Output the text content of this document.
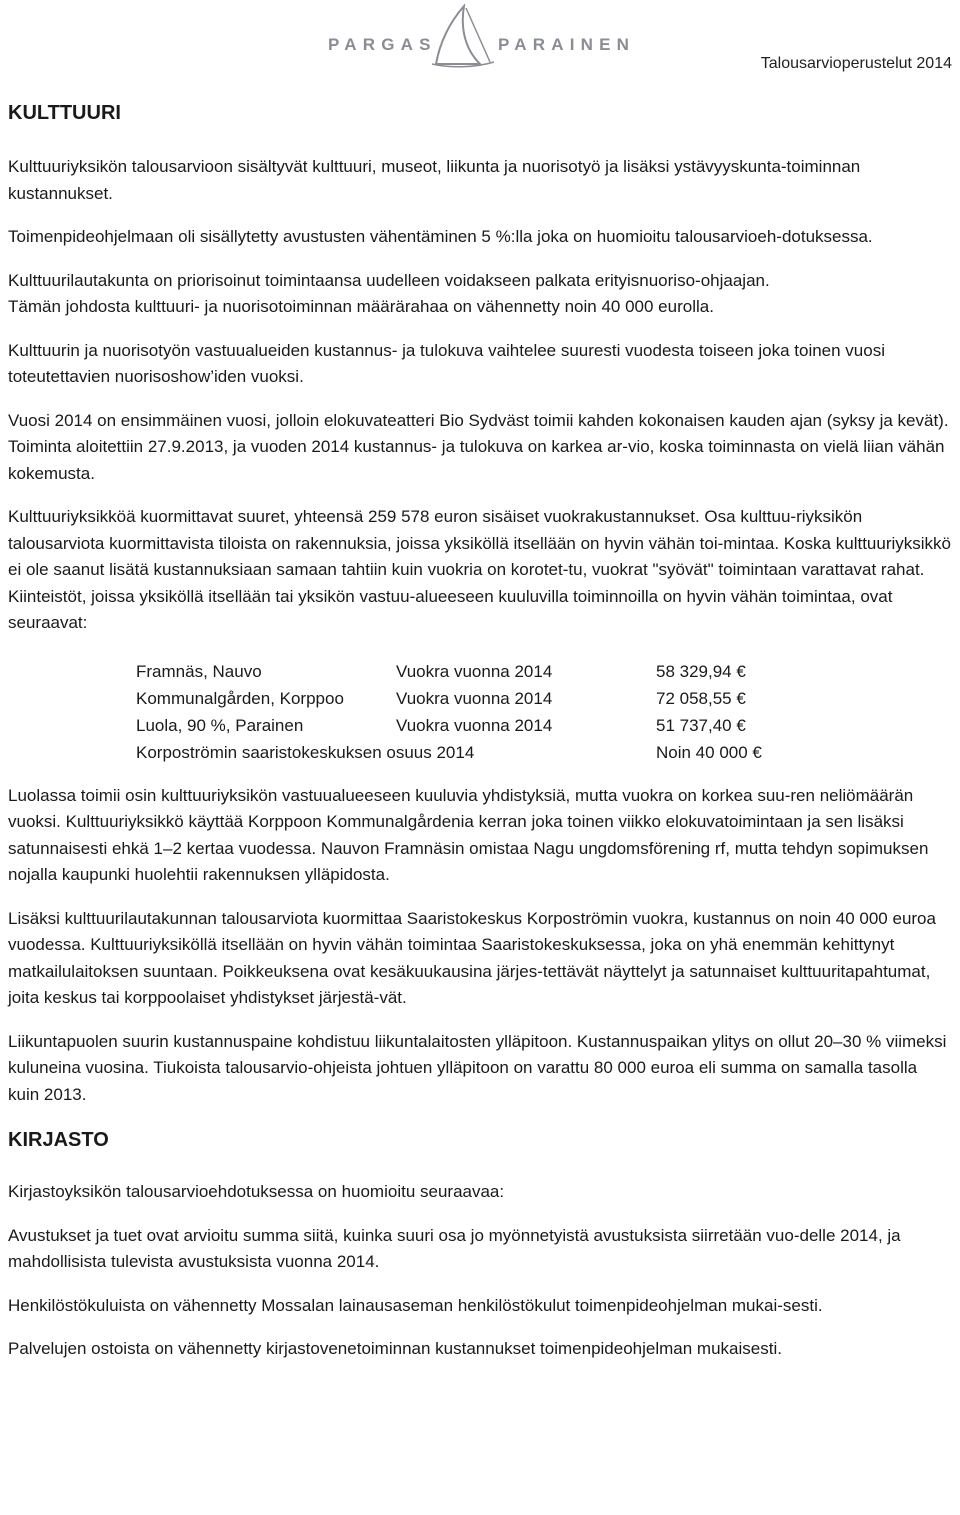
PARGAS	PARAINEN
Talousarvioperustelut 2014
KULTTUURI

Kulttuuriyksikön talousarvioon sisältyvät kulttuuri, museot, liikunta ja nuorisotyö ja lisäksi ystävyyskunta-toiminnan kustannukset.

Toimenpideohjelmaan oli sisällytetty avustusten vähentäminen 5 %:lla joka on huomioitu talousarvioeh-dotuksessa.

Kulttuurilautakunta on priorisoinut toimintaansa uudelleen voidakseen palkata erityisnuoriso-ohjaajan.

Tämän johdosta kulttuuri- ja nuorisotoiminnan määrärahaa on vähennetty noin 40 000 eurolla.

Kulttuurin ja nuorisotyön vastuualueiden kustannus- ja tulokuva vaihtelee suuresti vuodesta toiseen joka toinen vuosi toteutettavien nuorisoshow’iden vuoksi.

Vuosi 2014 on ensimmäinen vuosi, jolloin elokuvateatteri Bio Sydväst toimii kahden kokonaisen kauden ajan (syksy ja kevät). Toiminta aloitettiin 27.9.2013, ja vuoden 2014 kustannus- ja tulokuva on karkea ar-vio, koska toiminnasta on vielä liian vähän kokemusta.

Kulttuuriyksikköä kuormittavat suuret, yhteensä 259 578 euron sisäiset vuokrakustannukset. Osa kulttuu-riyksikön talousarviota kuormittavista tiloista on rakennuksia, joissa yksiköllä itsellään on hyvin vähän toi-mintaa. Koska kulttuuriyksikkö ei ole saanut lisätä kustannuksiaan samaan tahtiin kuin vuokria on korotet-tu, vuokrat "syövät" toimintaan varattavat rahat. Kiinteistöt, joissa yksiköllä itsellään tai yksikön vastuu-alueeseen kuuluvilla toiminnoilla on hyvin vähän toimintaa, ovat seuraavat:

Framnäs, Nauvo	Vuokra vuonna 2014	58 329,94 €
Kommunalgården, Korppoo	Vuokra vuonna 2014	72 058,55 €
Luola, 90 %, Parainen	Vuokra vuonna 2014	51 737,40 €
Korpoströmin saaristokeskuksen osuus 2014		Noin 40 000 €

Luolassa toimii osin kulttuuriyksikön vastuualueeseen kuuluvia yhdistyksiä, mutta vuokra on korkea suu-ren neliömäärän vuoksi. Kulttuuriyksikkö käyttää Korppoon Kommunalgårdenia kerran joka toinen viikko elokuvatoimintaan ja sen lisäksi satunnaisesti ehkä 1–2 kertaa vuodessa. Nauvon Framnäsin omistaa Nagu ungdomsförening rf, mutta tehdyn sopimuksen nojalla kaupunki huolehtii rakennuksen ylläpidosta.

Lisäksi kulttuurilautakunnan talousarviota kuormittaa Saaristokeskus Korpoströmin vuokra, kustannus on noin 40 000 euroa vuodessa. Kulttuuriyksiköllä itsellään on hyvin vähän toimintaa Saaristokeskuksessa, joka on yhä enemmän kehittynyt matkailulaitoksen suuntaan. Poikkeuksena ovat kesäkuukausina järjes-tettävät näyttelyt ja satunnaiset kulttuuritapahtumat, joita keskus tai korppoolaiset yhdistykset järjestä-vät.

Liikuntapuolen suurin kustannuspaine kohdistuu liikuntalaitosten ylläpitoon. Kustannuspaikan ylitys on ollut 20–30 % viimeksi kuluneina vuosina. Tiukoista talousarvio-ohjeista johtuen ylläpitoon on varattu 80 000 euroa eli summa on samalla tasolla kuin 2013.

KIRJASTO

Kirjastoyksikön talousarvioehdotuksessa on huomioitu seuraavaa:

Avustukset ja tuet ovat arvioitu summa siitä, kuinka suuri osa jo myönnetyistä avustuksista siirretään vuo-delle 2014, ja mahdollisista tulevista avustuksista vuonna 2014.

Henkilöstökuluista on vähennetty Mossalan lainausaseman henkilöstökulut toimenpideohjelman mukai-sesti.

Palvelujen ostoista on vähennetty kirjastovenetoiminnan kustannukset toimenpideohjelman mukaisesti.
